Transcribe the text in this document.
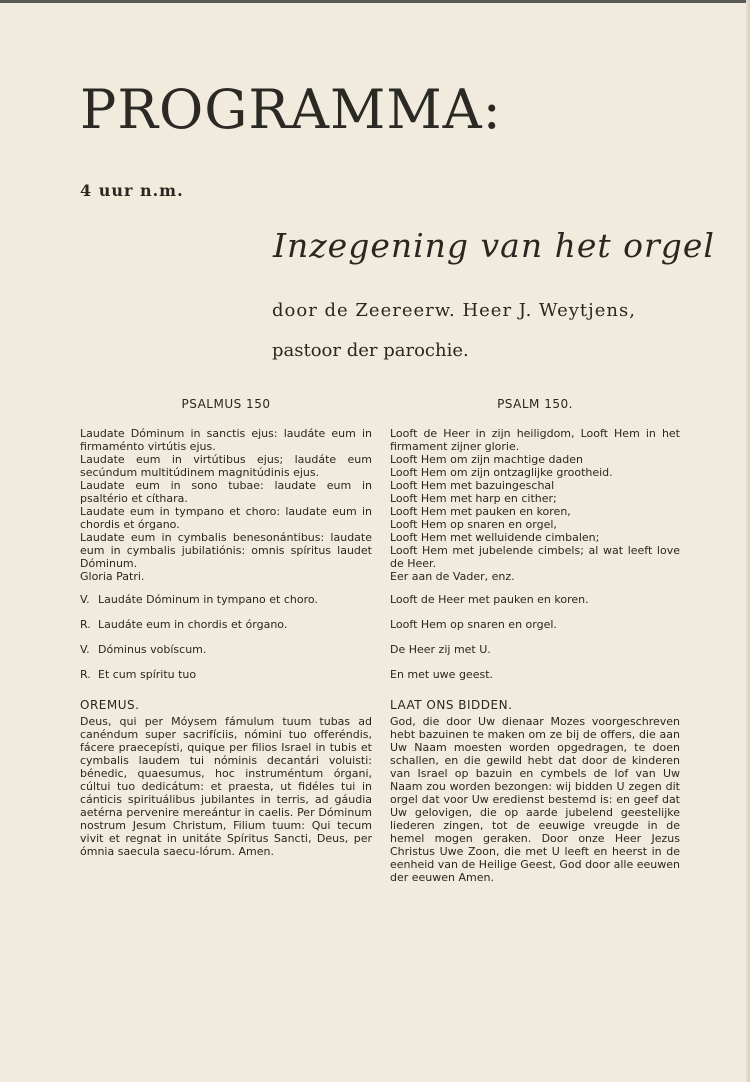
PROGRAMMA:
4 uur n.m.
Inzegening van het orgel
door de Zeereerw. Heer J. Weytjens,
pastoor der parochie.
PSALMUS 150

Laudate Dóminum in sanctis ejus: laudáte eum in firmaménto virtútis ejus.

Laudate eum in virtútibus ejus; laudáte eum secúndum multitúdinem magnitúdinis ejus.

Laudate eum in sono tubae: laudate eum in psaltério et cíthara.

Laudate eum in tympano et choro: laudate eum in chordis et órgano.

Laudate eum in cymbalis benesonántibus: laudate eum in cymbalis jubilatiónis: omnis spíritus laudet Dóminum.

Gloria Patri.

V. Laudáte Dóminum in tympano et choro.

R. Laudáte eum in chordis et órgano.

V. Dóminus vobíscum.

R. Et cum spíritu tuo

OREMUS.

Deus, qui per Móysem fámulum tuum tubas ad canéndum super sacrifíciis, nómini tuo offeréndis, fácere praecepísti, quique per filios Israel in tubis et cymbalis laudem tui nóminis decantári voluisti: bénedic, quaesumus, hoc instruméntum órgani, cúltui tuo dedicátum: et praesta, ut fidéles tui in cánticis spirituálibus jubilantes in terris, ad gáudia aetérna pervenire mereántur in caelis. Per Dóminum nostrum Jesum Christum, Filium tuum: Qui tecum vivit et regnat in unitáte Spíritus Sancti, Deus, per ómnia saecula saecu-lórum. Amen.

PSALM 150.

Looft de Heer in zijn heiligdom, Looft Hem in het firmament zijner glorie.

Looft Hem om zijn machtige daden

Looft Hem om zijn ontzaglijke grootheid.

Looft Hem met bazuingeschal

Looft Hem met harp en cither;

Looft Hem met pauken en koren,

Looft Hem op snaren en orgel,

Looft Hem met welluidende cimbalen;

Looft Hem met jubelende cimbels; al wat leeft love de Heer.

Eer aan de Vader, enz.

Looft de Heer met pauken en koren.

Looft Hem op snaren en orgel.

De Heer zij met U.

En met uwe geest.

LAAT ONS BIDDEN.

God, die door Uw dienaar Mozes voorgeschreven hebt bazuinen te maken om ze bij de offers, die aan Uw Naam moesten worden opgedragen, te doen schallen, en die gewild hebt dat door de kinderen van Israel op bazuin en cymbels de lof van Uw Naam zou worden bezongen: wij bidden U zegen dit orgel dat voor Uw eredienst bestemd is: en geef dat Uw gelovigen, die op aarde jubelend geestelijke liederen zingen, tot de eeuwige vreugde in de hemel mogen geraken. Door onze Heer Jezus Christus Uwe Zoon, die met U leeft en heerst in de eenheid van de Heilige Geest, God door alle eeuwen der eeuwen Amen.
